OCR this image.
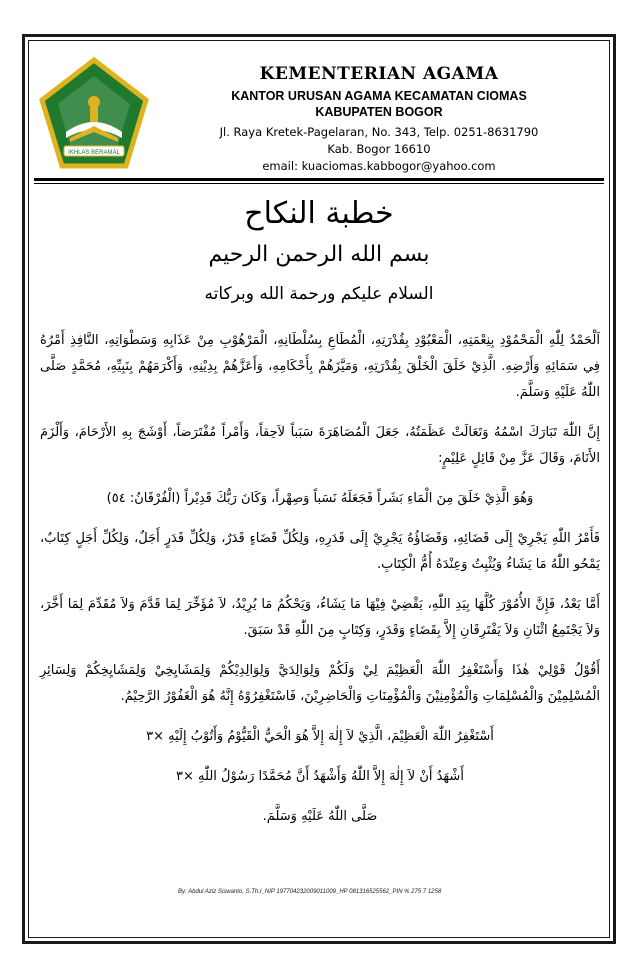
IKHLAS BERAMAL
KEMENTERIAN AGAMA
KANTOR URUSAN AGAMA KECAMATAN CIOMAS
KABUPATEN BOGOR
Jl. Raya Kretek-Pagelaran, No. 343, Telp. 0251-8631790
Kab. Bogor 16610
email: kuaciomas.kabbogor@yahoo.com
خطبة النكاح
بسم الله الرحمن الرحيم
السلام عليكم ورحمة الله وبركاته

اَلْحَمْدُ لِلّٰهِ الْمَحْمُوْدِ بِنِعْمَتِهِ، الْمَعْبُوْدِ بِقُدْرَتِهِ، الْمُطَاعِ بِسُلْطَانِهِ، الْمَرْهُوْبِ مِنْ عَذَابِهِ وَسَطْوَاتِهِ، النَّافِذِ أَمْرُهُ فِي سَمَائِهِ وَأَرْضِهِ. الَّذِيْ خَلَقَ الْخَلْقَ بِقُدْرَتِهِ، وَمَيَّزَهُمْ بِأَحْكَامِهِ، وَأَعَزَّهُمْ بِدِيْنِهِ، وَأَكْرَمَهُمْ بِنَبِيِّهِ، مُحَمَّدٍ صَلَّى اللّٰهُ عَلَيْهِ وَسَلَّمَ.

إِنَّ اللّٰهَ تَبَارَكَ اسْمُهُ وَتَعَالَتْ عَظَمَتُهُ، جَعَلَ الْمُصَاهَرَةَ سَبَباً لاَحِقاً، وَأَمْراً مُفْتَرَضاً، أَوْشَجَ بِهِ الأَرْحَامَ، وَأَلْزَمَ الأَنَامَ، وَقَالَ عَزَّ مِنْ قَائِلٍ عَلِيْمٍ:

وَهُوَ الَّذِيْ خَلَقَ مِنَ الْمَاءِ بَشَراً فَجَعَلَهُ نَسَباً وَصِهْراً، وَكَانَ رَبُّكَ قَدِيْراً (الْفُرْقَانُ: ٥٤)

فَأَمْرُ اللّٰهِ يَجْرِيْ إِلَى قَضَائِهِ، وَقَضَاؤُهُ يَجْرِيْ إِلَى قَدَرِهِ، وَلِكُلِّ قَضَاءٍ قَدَرٌ، وَلِكُلِّ قَدَرٍ أَجَلٌ، وَلِكُلِّ أَجَلٍ كِتَابٌ، يَمْحُو اللّٰهُ مَا يَشَاءُ وَيُثْبِتُ وَعِنْدَهُ أُمُّ الْكِتَابِ.

أَمَّا بَعْدُ، فَإِنَّ الأُمُوْرَ كُلَّهَا بِيَدِ اللّٰهِ، يَقْضِيْ فِيْهَا مَا يَشَاءُ، وَيَحْكُمُ مَا يُرِيْدُ، لاَ مُؤَخِّرَ لِمَا قَدَّمَ وَلاَ مُقَدِّمَ لِمَا أَخَّرَ، وَلاَ يَجْتَمِعُ اثْنَانِ وَلاَ يَفْتَرِقَانِ إِلاَّ بِقَضَاءٍ وَقَدَرٍ، وَكِتَابٍ مِنَ اللّٰهِ قَدْ سَبَقَ.

أَقُوْلُ قَوْلِيْ هٰذَا وَأَسْتَغْفِرُ اللّٰهَ الْعَظِيْمَ لِيْ وَلَكُمْ وَلِوَالِدَيَّ وَلِوَالِدِيْكُمْ وَلِمَشَايِخِيْ وَلِمَشَايِخِكُمْ وَلِسَائِرِ الْمُسْلِمِيْنَ وَالْمُسْلِمَاتِ وَالْمُؤْمِنِيْنَ وَالْمُؤْمِنَاتِ وَالْحَاضِرِيْنَ، فَاسْتَغْفِرُوْهُ إِنَّهُ هُوَ الْغَفُوْرُ الرَّحِيْمُ.

أَسْتَغْفِرُ اللّٰهَ الْعَظِيْمَ، الَّذِيْ لاَ إِلٰهَ إِلاَّ هُوَ الْحَيُّ الْقَيُّوْمُ وَأَتُوْبُ إِلَيْهِ ×٣

أَشْهَدُ أَنْ لاَ إِلٰهَ إِلاَّ اللّٰهُ وَأَشْهَدُ أَنَّ مُحَمَّدًا رَسُوْلُ اللّٰهِ ×٣

صَلَّى اللّٰهُ عَلَيْهِ وَسَلَّمَ.

By: Abdul Aziz Siswanto, S.Th.I_NIP 197704232009011009_HP 081316525562_PIN % 275 7 1258
